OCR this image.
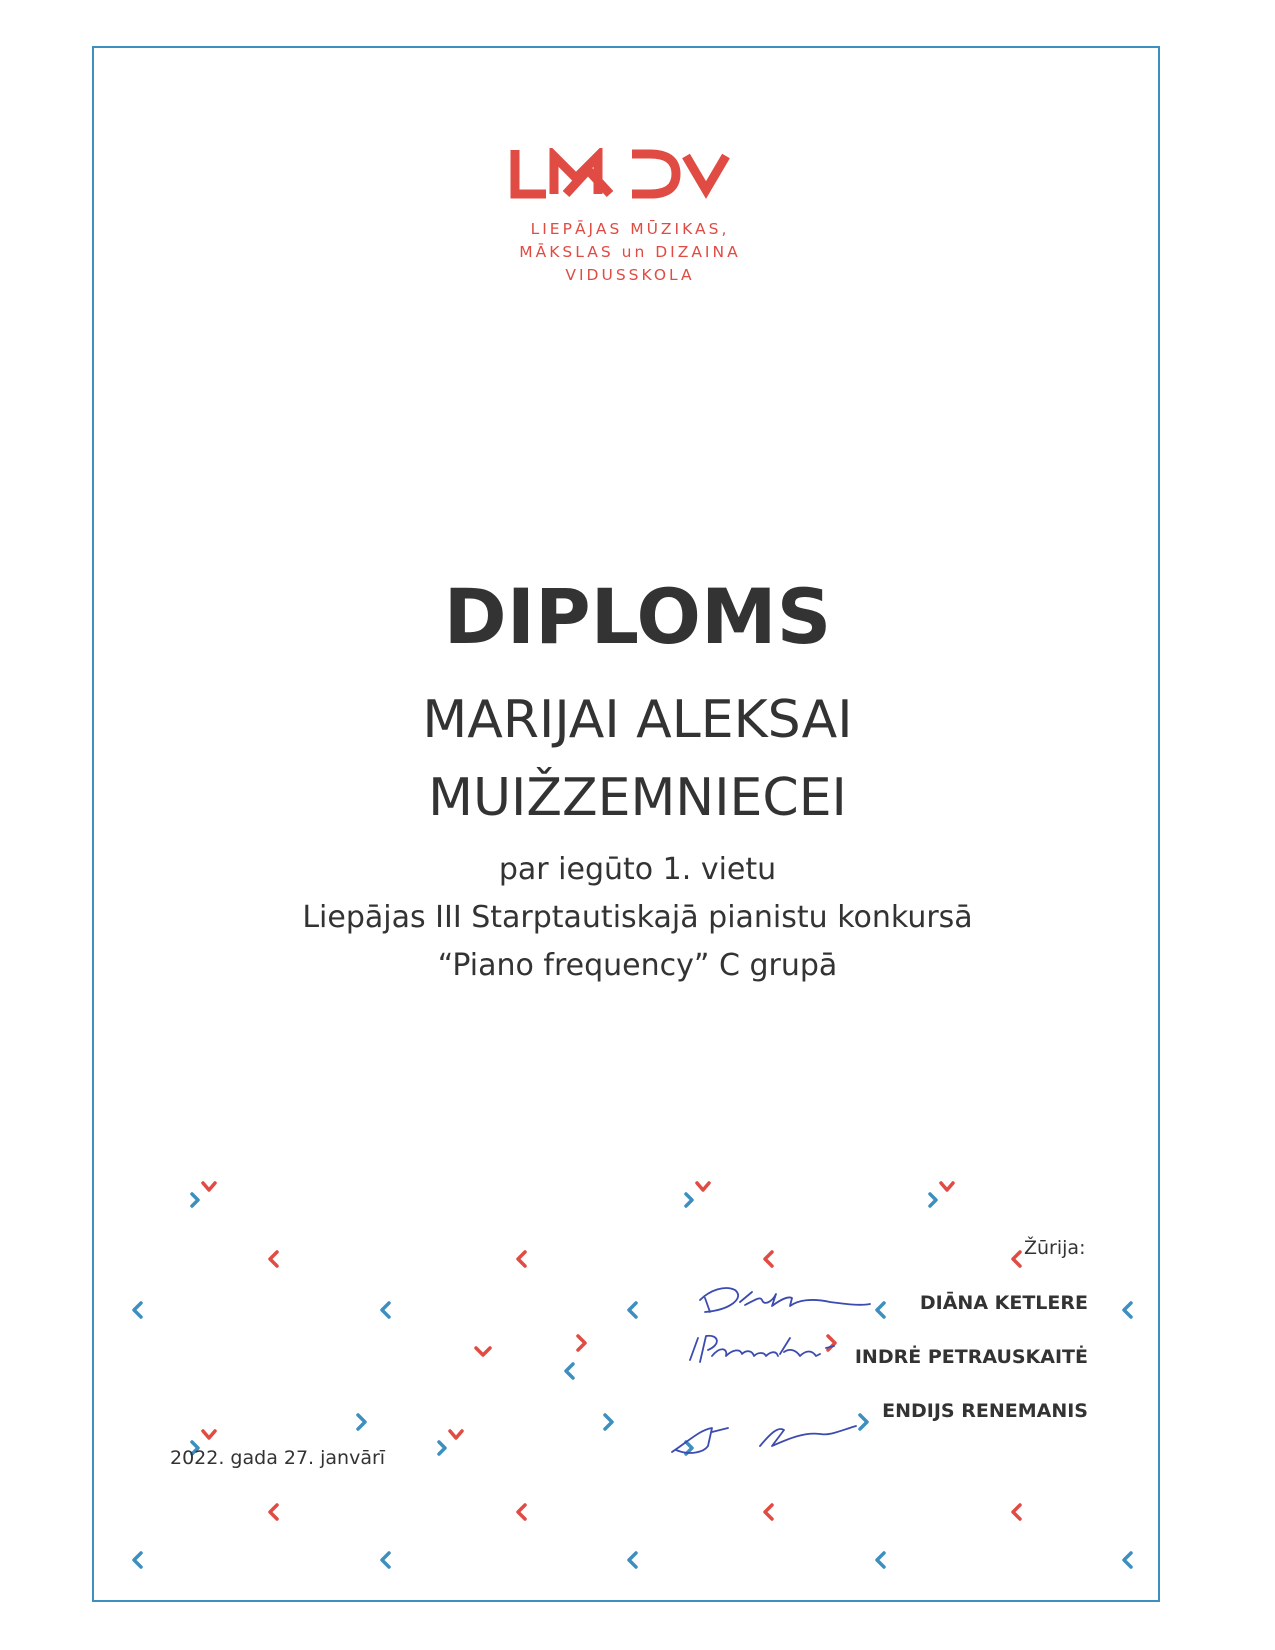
LIEPĀJAS MŪZIKAS,
MĀKSLAS un DIZAINA
VIDUSSKOLA
DIPLOMS
MARIJAI ALEKSAI
MUIŽZEMNIECEI
par iegūto 1. vietu
Liepājas III Starptautiskajā pianistu konkursā
“Piano frequency” C grupā
2022. gada 27. janvārī
Žūrija:
DIĀNA KETLERE
INDRĖ PETRAUSKAITĖ
ENDIJS RENEMANIS
